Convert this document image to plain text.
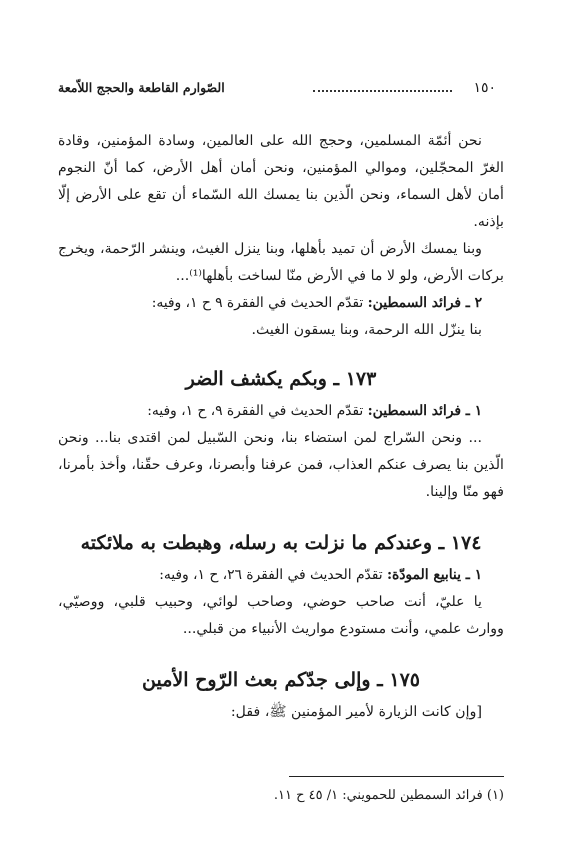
١٥٠
الصّوارم القاطعة والحجج اللاّمعة

نحن أئمّة المسلمين، وحجج الله على العالمين، وسادة المؤمنين، وقادة الغرّ المحجّلين، وموالي المؤمنين، ونحن أمان أهل الأرض، كما أنّ النجوم أمان لأهل السماء، ونحن الّذين بنا يمسك الله السّماء أن تقع على الأرض إلّا بإذنه.

وبنا يمسك الأرض أن تميد بأهلها، وبنا ينزل الغيث، وينشر الرّحمة، ويخرج بركات الأرض، ولو لا ما في الأرض منّا لساخت بأهلها⁽¹⁾...

٢ ـ فرائد السمطين: تقدّم الحديث في الفقرة ٩ ح ١، وفيه:

بنا ينزّل الله الرحمة، وبنا يسقون الغيث.

١٧٣ ـ وبكم يكشف الضر

١ ـ فرائد السمطين: تقدّم الحديث في الفقرة ٩، ح ١، وفيه:

... ونحن السّراج لمن استضاء بنا، ونحن السّبيل لمن اقتدى بنا... ونحن الّذين بنا يصرف عنكم العذاب، فمن عرفنا وأبصرنا، وعرف حقّنا، وأخذ بأمرنا، فهو منّا وإلينا.

١٧٤ ـ وعندكم ما نزلت به رسله، وهبطت به ملائكته

١ ـ ينابيع المودّة: تقدّم الحديث في الفقرة ٢٦، ح ١، وفيه:

يا عليّ، أنت صاحب حوضي، وصاحب لوائي، وحبيب قلبي، ووصيّي، ووارث علمي، وأنت مستودع مواريث الأنبياء من قبلي...

١٧٥ ـ وإلى جدّكم بعث الرّوح الأمين

[وإن كانت الزيارة لأمير المؤمنين ﷺ، فقل:

(١) فرائد السمطين للحمويني: ١/ ٤٥ ح ١١.
